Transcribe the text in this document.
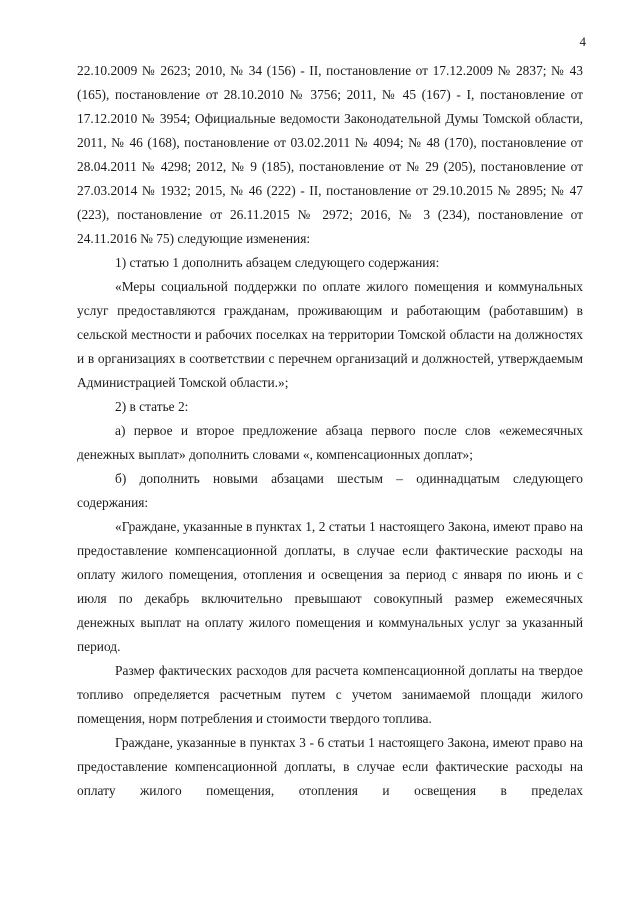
4

22.10.2009 № 2623; 2010, № 34 (156) - II, постановление от 17.12.2009 № 2837; № 43 (165), постановление от 28.10.2010 № 3756; 2011, № 45 (167) - I, постановление от 17.12.2010 № 3954; Официальные ведомости Законодательной Думы Томской области, 2011, № 46 (168), постановление от 03.02.2011 № 4094; № 48 (170), постановление от 28.04.2011 № 4298; 2012, № 9 (185), постановление от № 29 (205), постановление от 27.03.2014 № 1932; 2015, № 46 (222) - II, постановление от 29.10.2015 № 2895; № 47 (223), постановление от 26.11.2015 № 2972; 2016, № 3 (234), постановление от 24.11.2016 № 75) следующие изменения:

1) статью 1 дополнить абзацем следующего содержания:

«Меры социальной поддержки по оплате жилого помещения и коммунальных услуг предоставляются гражданам, проживающим и работающим (работавшим) в сельской местности и рабочих поселках на территории Томской области на должностях и в организациях в соответствии с перечнем организаций и должностей, утверждаемым Администрацией Томской области.»;

2) в статье 2:

а) первое и второе предложение абзаца первого после слов «ежемесячных денежных выплат» дополнить словами «, компенсационных доплат»;

б) дополнить новыми абзацами шестым – одиннадцатым следующего содержания:

«Граждане, указанные в пунктах 1, 2 статьи 1 настоящего Закона, имеют право на предоставление компенсационной доплаты, в случае если фактические расходы на оплату жилого помещения, отопления и освещения за период с января по июнь и с июля по декабрь включительно превышают совокупный размер ежемесячных денежных выплат на оплату жилого помещения и коммунальных услуг за указанный период.

Размер фактических расходов для расчета компенсационной доплаты на твердое топливо определяется расчетным путем с учетом занимаемой площади жилого помещения, норм потребления и стоимости твердого топлива.

Граждане, указанные в пунктах 3 - 6 статьи 1 настоящего Закона, имеют право на предоставление компенсационной доплаты, в случае если фактические расходы на оплату жилого помещения, отопления и освещения в пределах
